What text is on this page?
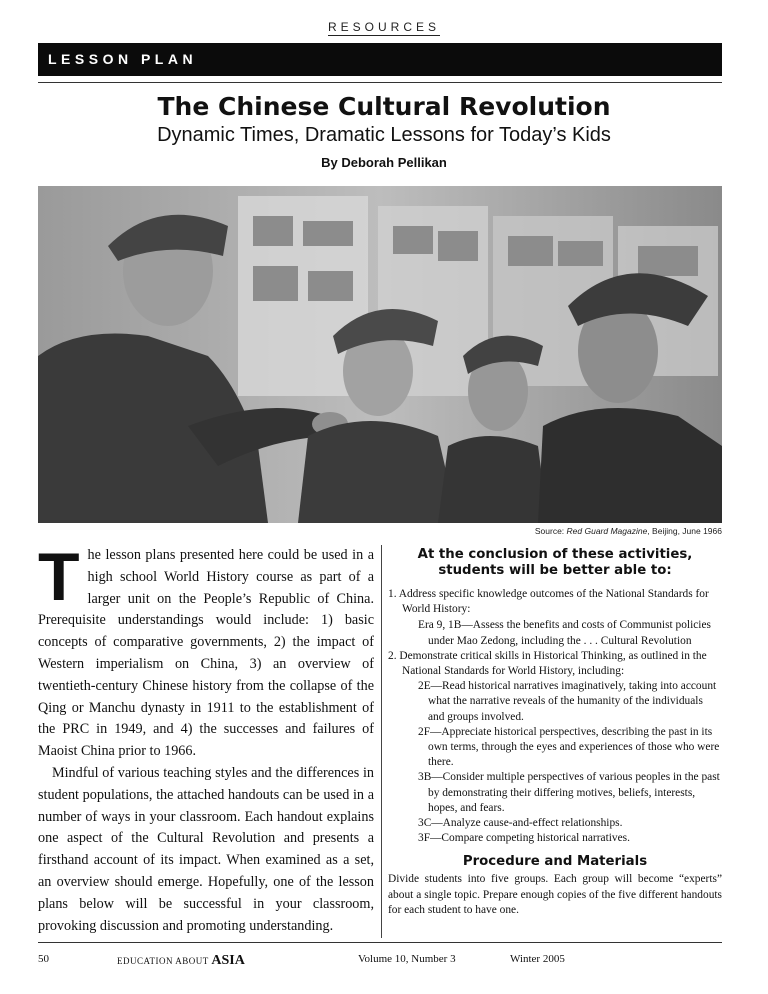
RESOURCES
LESSON PLAN
The Chinese Cultural Revolution
Dynamic Times, Dramatic Lessons for Today’s Kids
By Deborah Pellikan
Source: Red Guard Magazine, Beijing, June 1966

The lesson plans presented here could be used in a high school World History course as part of a larger unit on the People’s Republic of China. Prerequisite understandings would include: 1) basic concepts of comparative governments, 2) the impact of Western imperialism on China, 3) an overview of twentieth-century Chinese history from the collapse of the Qing or Manchu dynasty in 1911 to the establishment of the PRC in 1949, and 4) the successes and failures of Maoist China prior to 1966.

Mindful of various teaching styles and the differences in student populations, the attached handouts can be used in a number of ways in your classroom. Each handout explains one aspect of the Cultural Revolution and presents a firsthand account of its impact. When examined as a set, an overview should emerge. Hopefully, one of the lesson plans below will be successful in your classroom, provoking discussion and promoting understanding.

At the conclusion of these activities, students will be better able to:
1. Address specific knowledge outcomes of the National Standards for World History:
Era 9, 1B—Assess the benefits and costs of Communist policies under Mao Zedong, including the . . . Cultural Revolution
2. Demonstrate critical skills in Historical Thinking, as outlined in the National Standards for World History, including:
2E—Read historical narratives imaginatively, taking into account what the narrative reveals of the humanity of the individuals and groups involved.
2F—Appreciate historical perspectives, describing the past in its own terms, through the eyes and experiences of those who were there.
3B—Consider multiple perspectives of various peoples in the past by demonstrating their differing motives, beliefs, interests, hopes, and fears.
3C—Analyze cause-and-effect relationships.
3F—Compare competing historical narratives.
Procedure and Materials
Divide students into five groups. Each group will become “experts” about a single topic. Prepare enough copies of the five different handouts for each student to have one.
50	EDUCATION ABOUT ASIA	Volume 10, Number 3	Winter 2005
